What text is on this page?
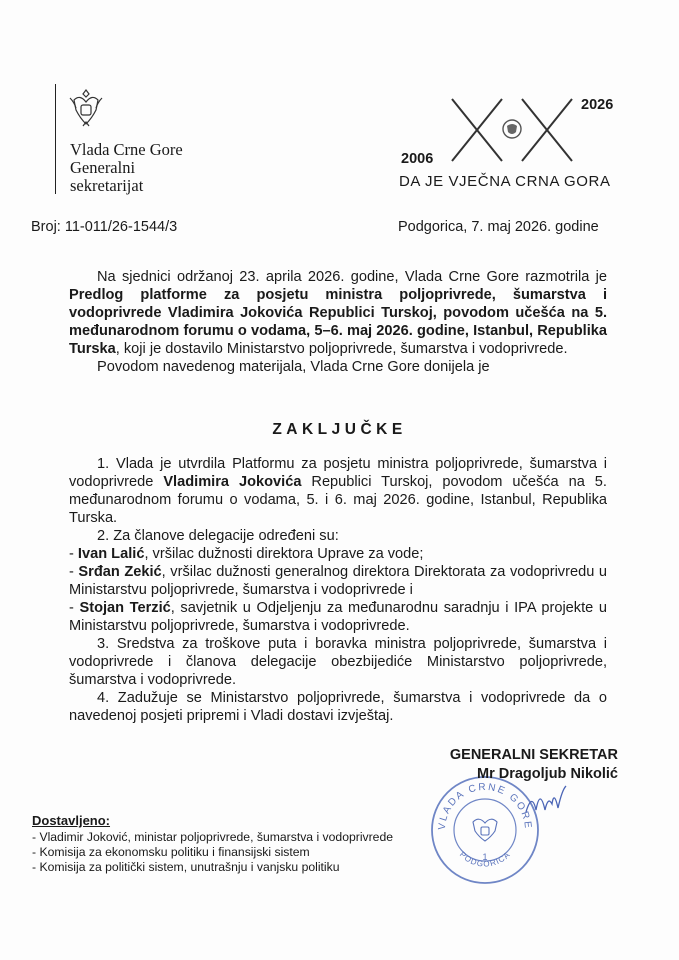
Vlada Crne Gore
Generalni
sekretarijat
2026
2006
DA JE VJEČNA CRNA GORA
Broj: 11-011/26-1544/3	Podgorica, 7. maj 2026. godine

Na sjednici održanoj 23. aprila 2026. godine, Vlada Crne Gore razmotrila je Predlog platforme za posjetu ministra poljoprivrede, šumarstva i vodoprivrede Vladimira Jokovića Republici Turskoj, povodom učešća na 5. međunarodnom forumu o vodama, 5–6. maj 2026. godine, Istanbul, Republika Turska, koji je dostavilo Ministarstvo poljoprivrede, šumarstva i vodoprivrede.

Povodom navedenog materijala, Vlada Crne Gore donijela je

ZAKLJUČKE

1. Vlada je utvrdila Platformu za posjetu ministra poljoprivrede, šumarstva i vodoprivrede Vladimira Jokovića Republici Turskoj, povodom učešća na 5. međunarodnom forumu o vodama, 5. i 6. maj 2026. godine, Istanbul, Republika Turska.

2. Za članove delegacije određeni su:

- Ivan Lalić, vršilac dužnosti direktora Uprave za vode;

- Srđan Zekić, vršilac dužnosti generalnog direktora Direktorata za vodoprivredu u Ministarstvu poljoprivrede, šumarstva i vodoprivrede i

- Stojan Terzić, savjetnik u Odjeljenju za međunarodnu saradnju i IPA projekte u Ministarstvu poljoprivrede, šumarstva i vodoprivrede.

3. Sredstva za troškove puta i boravka ministra poljoprivrede, šumarstva i vodoprivrede i članova delegacije obezbijediće Ministarstvo poljoprivrede, šumarstva i vodoprivrede.

4. Zadužuje se Ministarstvo poljoprivrede, šumarstva i vodoprivrede da o navedenoj posjeti pripremi i Vladi dostavi izvještaj.

VLADA CRNE GORE
PODGORICA
1
GENERALNI SEKRETAR
Mr Dragoljub Nikolić
Dostavljeno:
- Vladimir Joković, ministar poljoprivrede, šumarstva i vodoprivrede
- Komisija za ekonomsku politiku i finansijski sistem
- Komisija za politički sistem, unutrašnju i vanjsku politiku
